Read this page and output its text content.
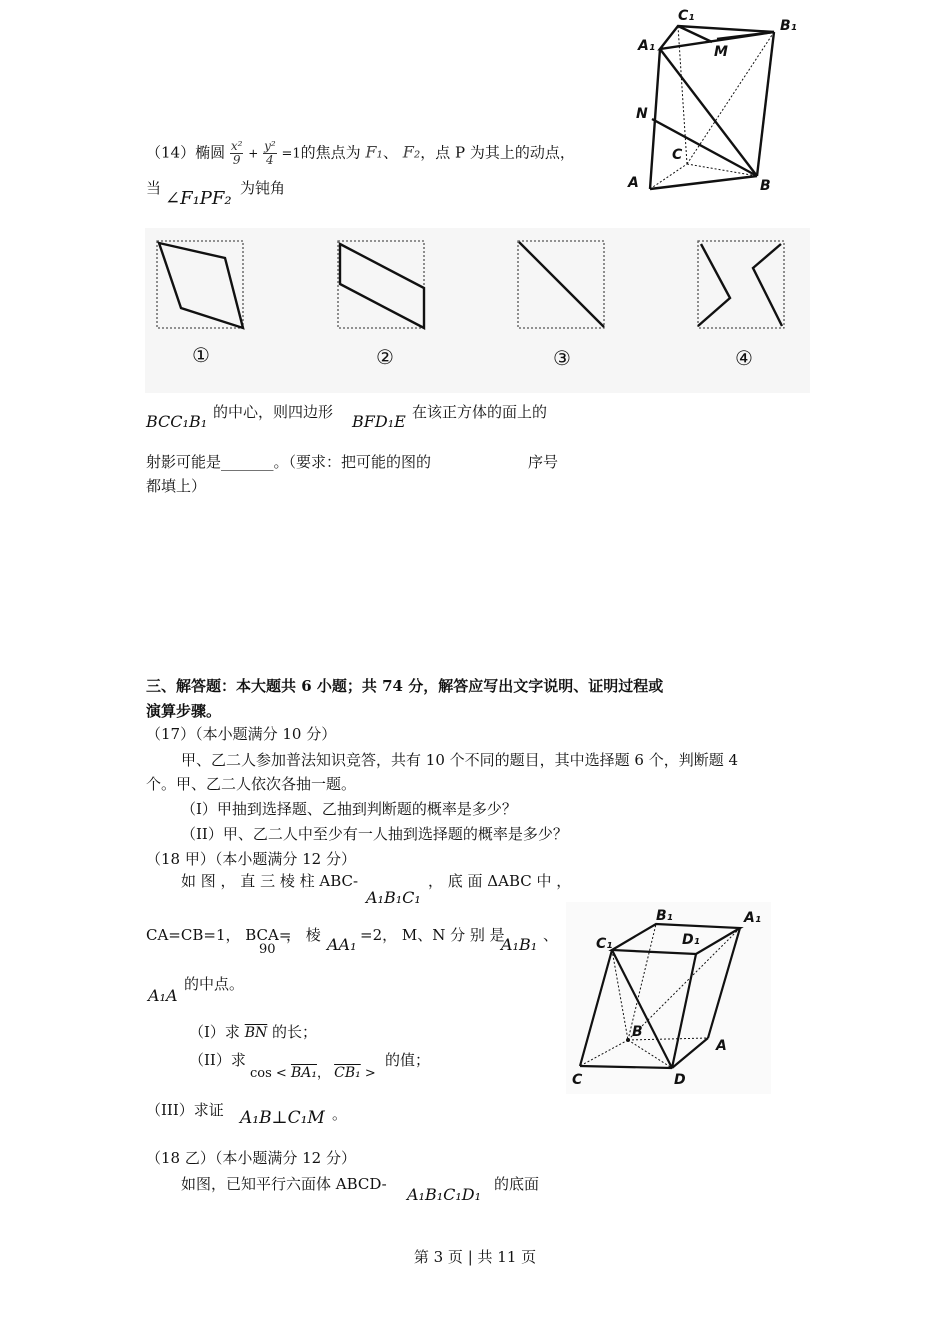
A₁
C₁
B₁
M
N
C
A	B
（14）椭圆 $\frac{\text{x²}}{9} + \frac{\text{y²}}{4} =1$的焦点为 F₁、 F₂，点 P 为其上的动点，
当 ∠F₁PF₂ 为钝角
①	②	③	④
BCC₁B₁ 的中心，则四边形 BFD₁E 在该正方体的面上的
射影可能是_______。（要求：把可能的图的	序号
都填上）
三、解答题：本大题共 6 小题；共 74 分，解答应写出文字说明、证明过程或
演算步骤。
（17）（本小题满分 10 分）
甲、乙二人参加普法知识竞答，共有 10 个不同的题目，其中选择题 6 个，判断题 4
个。甲、乙二人依次各抽一题。
（I）甲抽到选择题、乙抽到判断题的概率是多少？
（II）甲、乙二人中至少有一人抽到选择题的概率是多少？
（18 甲）（本小题满分 12 分）
如 图 ， 直 三 棱 柱 ABC-
A₁B₁C₁
， 底 面 ΔABC 中 ，
CA=CB=1， BCA=
90
， 棱 AA₁ =2， M、N 分 别 是
A₁B₁ 、
A₁A
的中点。
（I）求 $\overline{BN}$ 的长；
（II）求
cos < BA₁， CB₁ >
的值；
（III）求证 A₁B⊥C₁M 。
B₁	A₁
C₁	D₁
B
A
C	D
（18 乙）（本小题满分 12 分）
如图，已知平行六面体 ABCD-
A₁B₁C₁D₁
的底面
第 3 页 | 共 11 页
